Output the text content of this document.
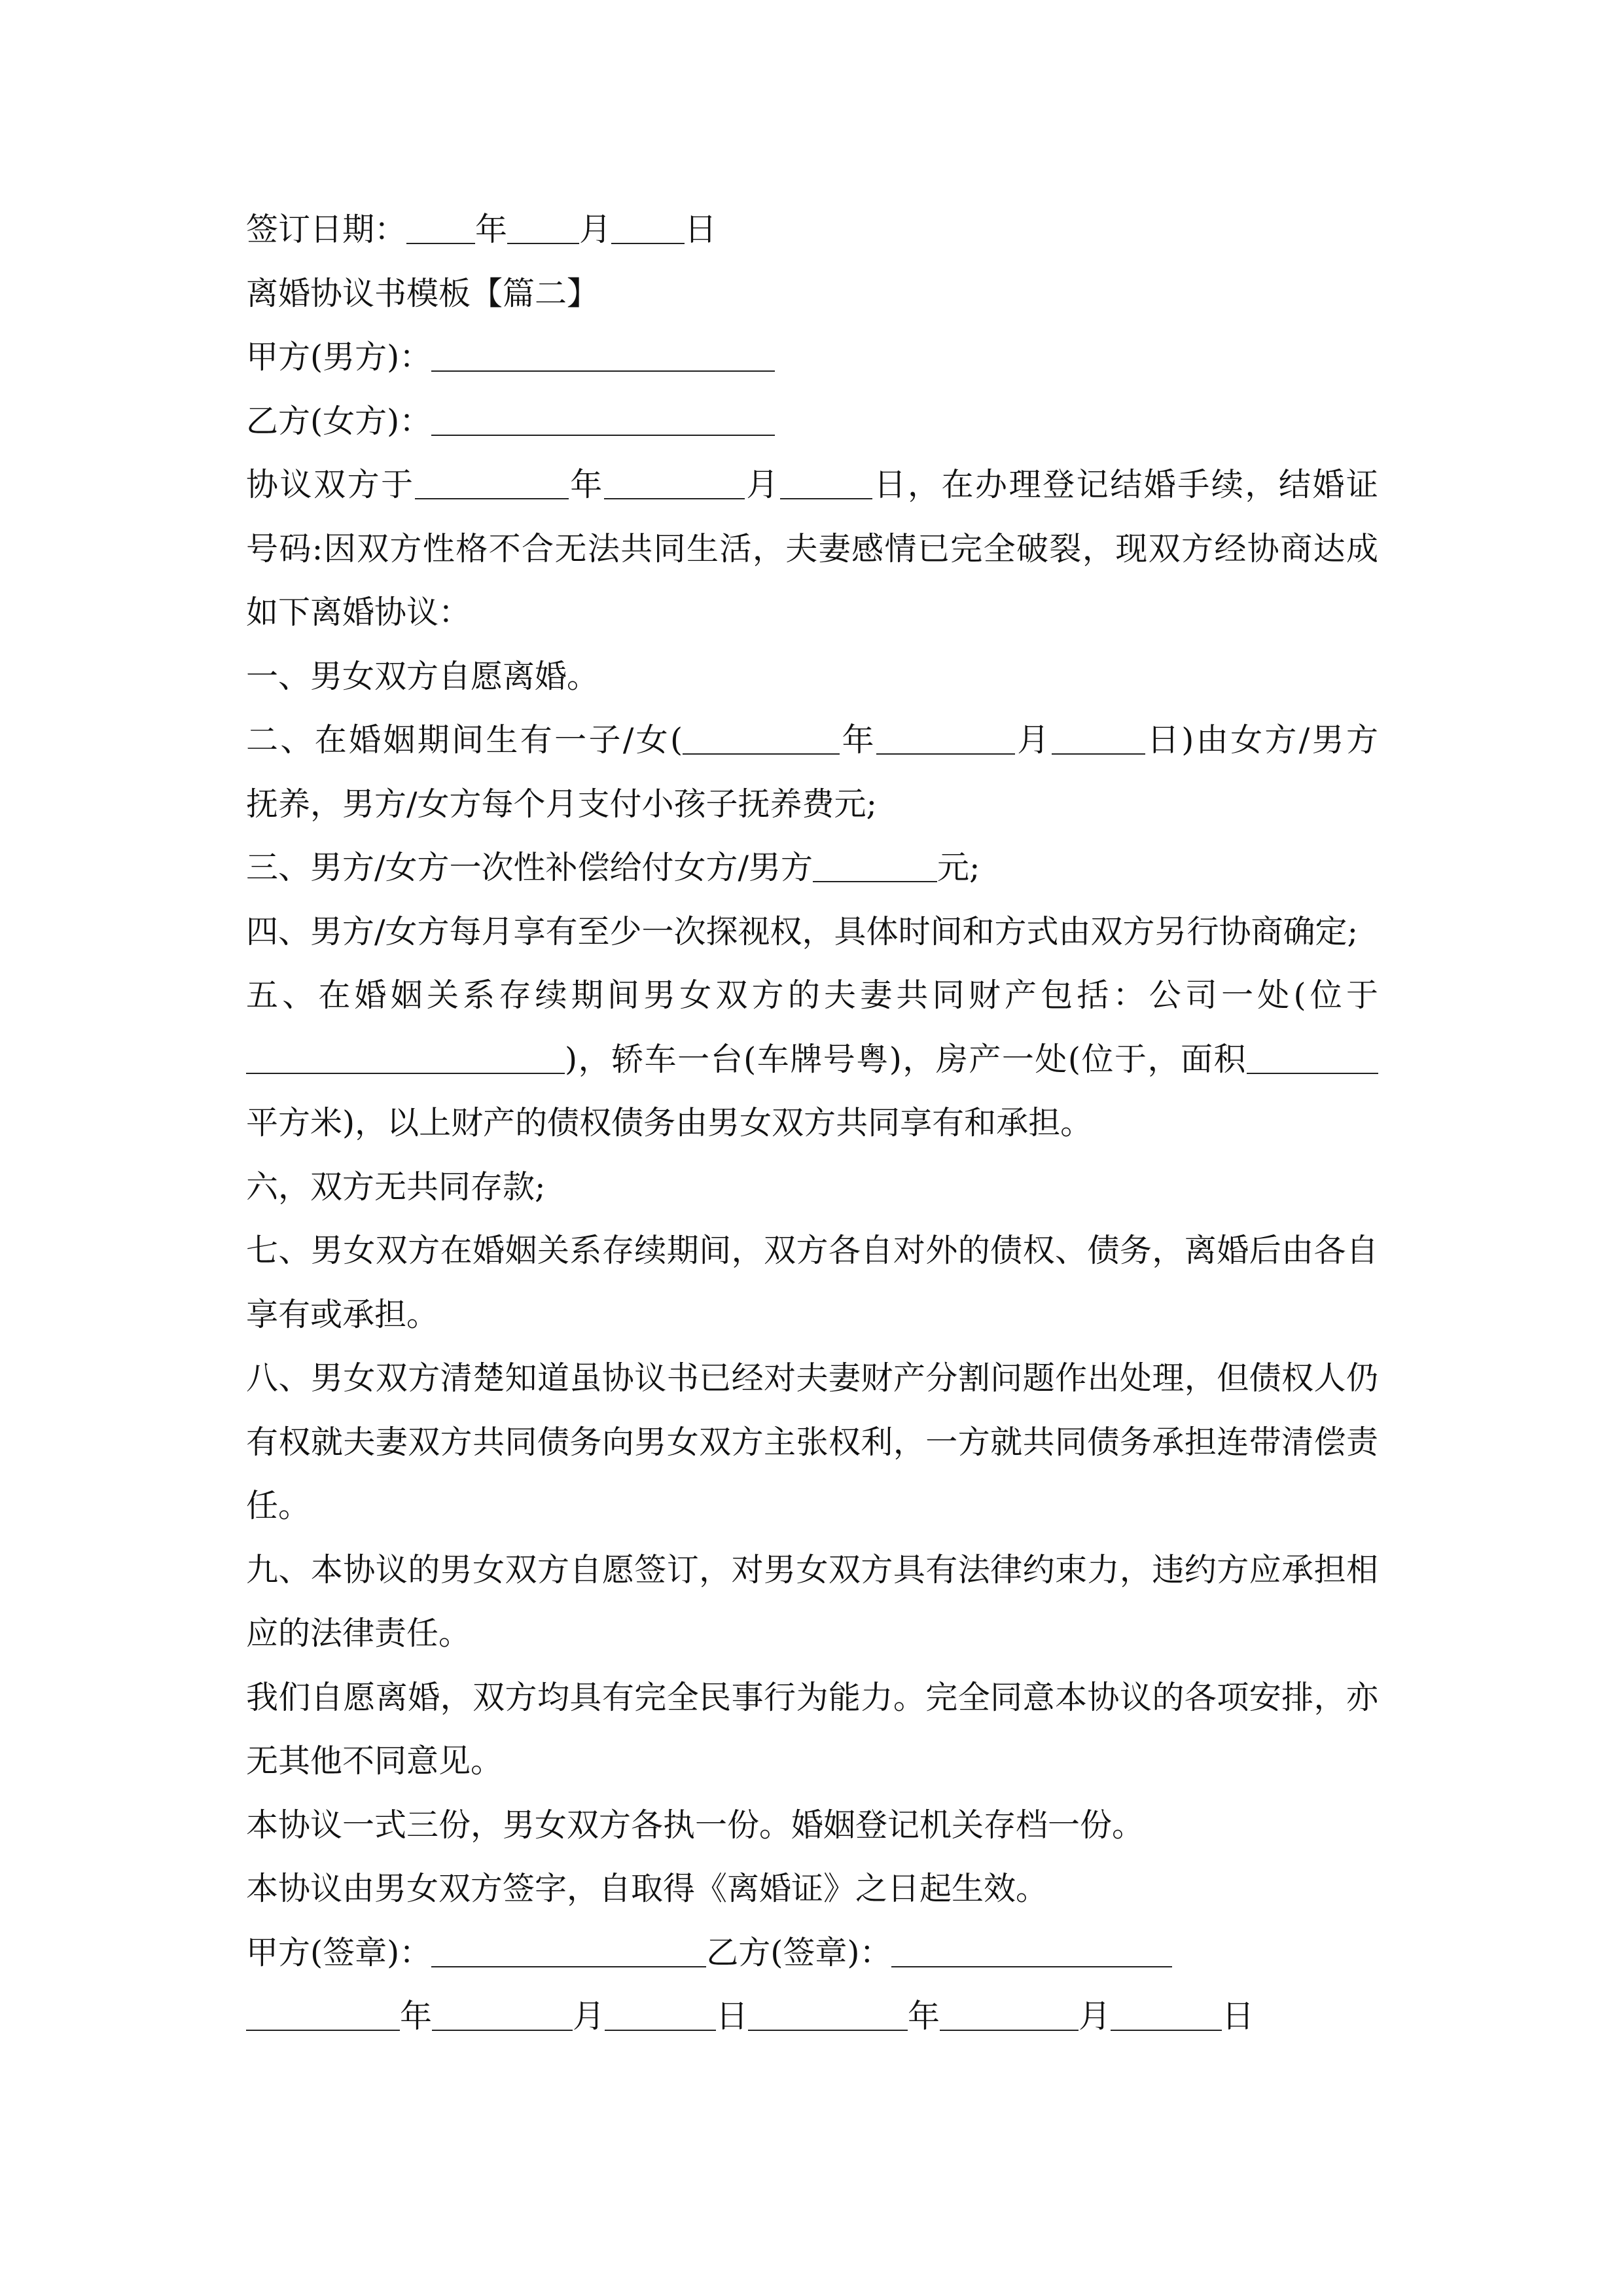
签订日期： 年 月 日
离婚协议书模板【篇二】
甲方(男方)：
乙方(女方)：
协议双方于	年	月	日，在办理登记结婚手续，结婚证
号码:因双方性格不合无法共同生活，夫妻感情已完全破裂，现双方经协商达成
如下离婚协议：
一、男女双方自愿离婚。
二、在婚姻期间生有一子/女(	年	月	日)由女方/男方
抚养，男方/女方每个月支付小孩子抚养费元;
三、男方/女方一次性补偿给付女方/男方	元;
四、男方/女方每月享有至少一次探视权，具体时间和方式由双方另行协商确定;
五、在婚姻关系存续期间男女双方的夫妻共同财产包括：公司一处(位于
)，轿车一台(车牌号粤)，房产一处(位于，面积
平方米)，以上财产的债权债务由男女双方共同享有和承担。
六，双方无共同存款;
七、男女双方在婚姻关系存续期间，双方各自对外的债权、债务，离婚后由各自
享有或承担。
八、男女双方清楚知道虽协议书已经对夫妻财产分割问题作出处理，但债权人仍
有权就夫妻双方共同债务向男女双方主张权利，一方就共同债务承担连带清偿责
任。
九、本协议的男女双方自愿签订，对男女双方具有法律约束力，违约方应承担相
应的法律责任。
我们自愿离婚，双方均具有完全民事行为能力。完全同意本协议的各项安排，亦
无其他不同意见。
本协议一式三份，男女双方各执一份。婚姻登记机关存档一份。
本协议由男女双方签字，自取得《离婚证》之日起生效。
甲方(签章)：	乙方(签章)：
年	月	日	年	月	日
